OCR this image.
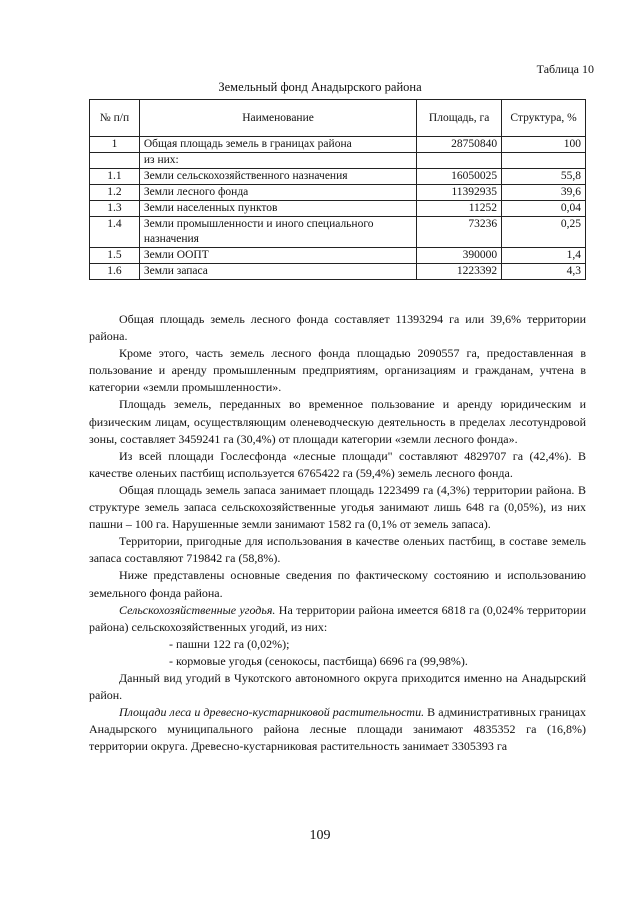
Таблица 10
Земельный фонд Анадырского района
№ п/п	Наименование	Площадь, га	Структура, %
1	Общая площадь земель в границах района	28750840	100
	из них:		
1.1	Земли сельскохозяйственного назначения	16050025	55,8
1.2	Земли лесного фонда	11392935	39,6
1.3	Земли населенных пунктов	11252	0,04
1.4	Земли промышленности и иного специального назначения	73236	0,25
1.5	Земли ООПТ	390000	1,4
1.6	Земли запаса	1223392	4,3

Общая площадь земель лесного фонда составляет 11393294 га или 39,6% территории района.

Кроме этого, часть земель лесного фонда площадью 2090557 га, предоставленная в пользование и аренду промышленным предприятиям, организациям и гражданам, учтена в категории «земли промышленности».

Площадь земель, переданных во временное пользование и аренду юридическим и физическим лицам, осуществляющим оленеводческую деятельность в пределах лесотундровой зоны, составляет 3459241 га (30,4%) от площади категории «земли лесного фонда».

Из всей площади Гослесфонда «лесные площади" составляют 4829707 га (42,4%). В качестве оленьих пастбищ используется 6765422 га (59,4%) земель лесного фонда.

Общая площадь земель запаса занимает площадь 1223499 га (4,3%) территории района. В структуре земель запаса сельскохозяйственные угодья занимают лишь 648 га (0,05%), из них пашни – 100 га. Нарушенные земли занимают 1582 га (0,1% от земель запаса).

Территории, пригодные для использования в качестве оленьих пастбищ, в составе земель запаса составляют 719842 га (58,8%).

Ниже представлены основные сведения по фактическому состоянию и использованию земельного фонда района.

Сельскохозяйственные угодья. На территории района имеется 6818 га (0,024% территории района) сельскохозяйственных угодий, из них:

- пашни 122 га (0,02%);

- кормовые угодья (сенокосы, пастбища) 6696 га (99,98%).

Данный вид угодий в Чукотского автономного округа приходится именно на Анадырский район.

Площади леса и древесно-кустарниковой растительности. В административных границах Анадырского муниципального района лесные площади занимают 4835352 га (16,8%) территории округа. Древесно-кустарниковая растительность занимает 3305393 га

109
